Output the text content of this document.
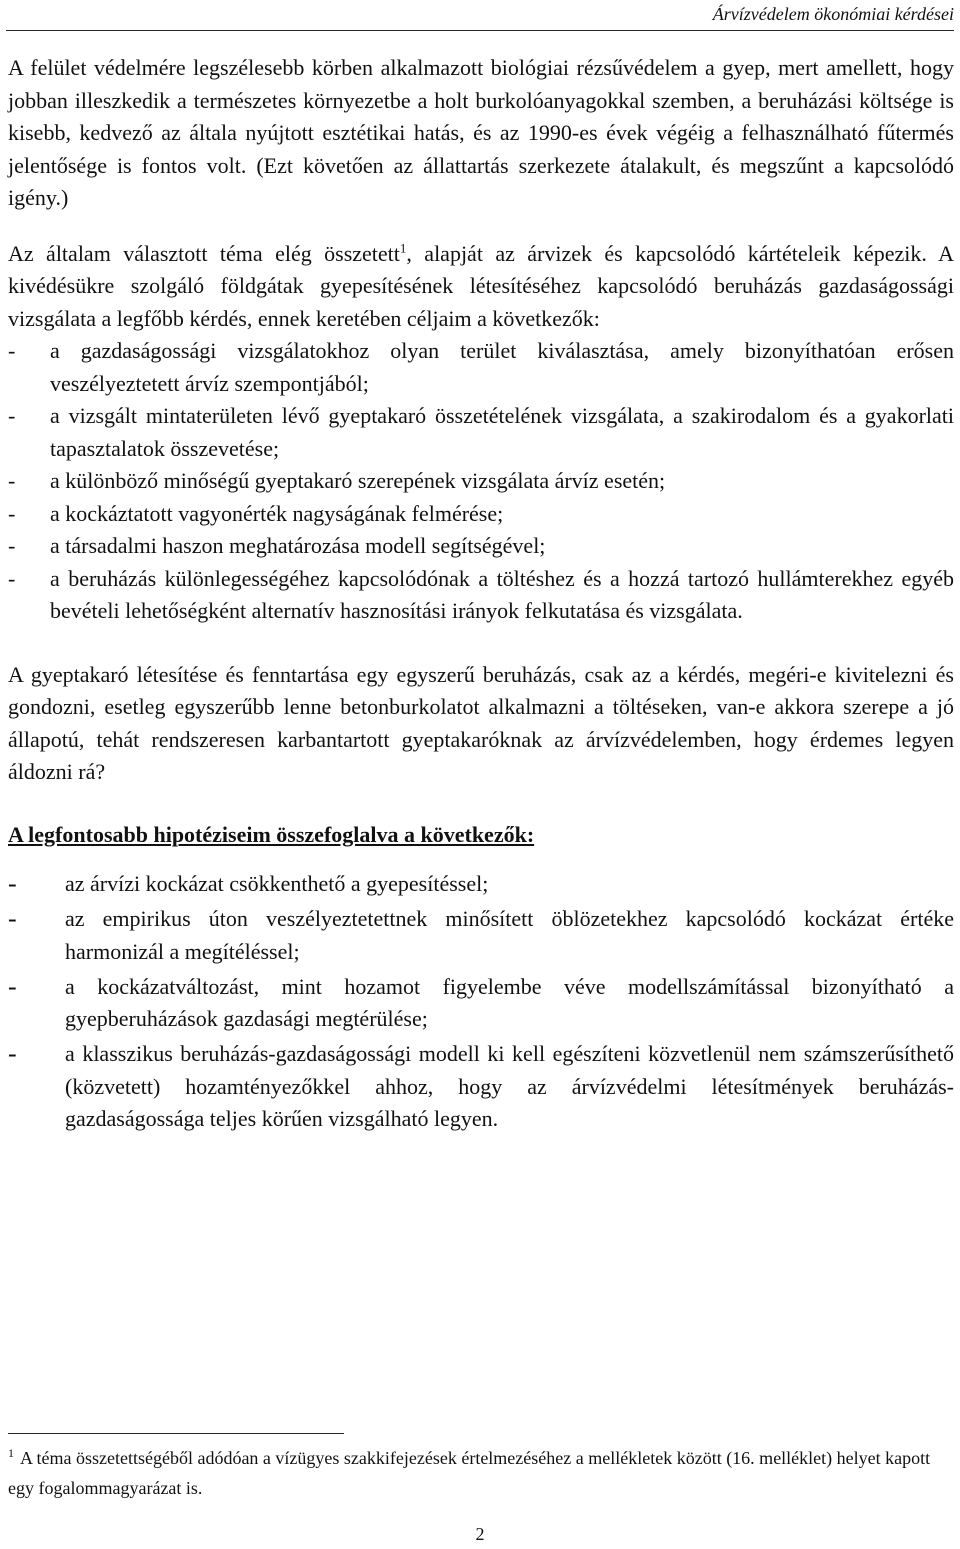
Árvízvédelem ökonómiai kérdései

A felület védelmére legszélesebb körben alkalmazott biológiai rézsűvédelem a gyep, mert amellett, hogy jobban illeszkedik a természetes környezetbe a holt burkolóanyagokkal szemben, a beruházási költsége is kisebb, kedvező az általa nyújtott esztétikai hatás, és az 1990-es évek végéig a felhasználható fűtermés jelentősége is fontos volt. (Ezt követően az állattartás szerkezete átalakult, és megszűnt a kapcsolódó igény.)

Az általam választott téma elég összetett$^1$, alapját az árvizek és kapcsolódó kártételeik képezik. A kivédésükre szolgáló földgátak gyepesítésének létesítéséhez kapcsolódó beruházás gazdaságossági vizsgálata a legfőbb kérdés, ennek keretében céljaim a következők:

- a gazdaságossági vizsgálatokhoz olyan terület kiválasztása, amely bizonyíthatóan erősen veszélyeztetett árvíz szempontjából;
- a vizsgált mintaterületen lévő gyeptakaró összetételének vizsgálata, a szakirodalom és a gyakorlati tapasztalatok összevetése;
- a különböző minőségű gyeptakaró szerepének vizsgálata árvíz esetén;
- a kockáztatott vagyonérték nagyságának felmérése;
- a társadalmi haszon meghatározása modell segítségével;
- a beruházás különlegességéhez kapcsolódónak a töltéshez és a hozzá tartozó hullámterekhez egyéb bevételi lehetőségként alternatív hasznosítási irányok felkutatása és vizsgálata.

A gyeptakaró létesítése és fenntartása egy egyszerű beruházás, csak az a kérdés, megéri-e kivitelezni és gondozni, esetleg egyszerűbb lenne betonburkolatot alkalmazni a töltéseken, van-e akkora szerepe a jó állapotú, tehát rendszeresen karbantartott gyeptakaróknak az árvízvédelemben, hogy érdemes legyen áldozni rá?

A legfontosabb hipotéziseim összefoglalva a következők:
- az árvízi kockázat csökkenthető a gyepesítéssel;
- az empirikus úton veszélyeztetettnek minősített öblözetekhez kapcsolódó kockázat értéke harmonizál a megítéléssel;
- a kockázatváltozást, mint hozamot figyelembe véve modellszámítással bizonyítható a gyepberuházások gazdasági megtérülése;
- a klasszikus beruházás-gazdaságossági modell ki kell egészíteni közvetlenül nem számszerűsíthető (közvetett) hozamtényezőkkel ahhoz, hogy az árvízvédelmi létesítmények beruházás-gazdaságossága teljes körűen vizsgálható legyen.
$^1$ A téma összetettségéből adódóan a vízügyes szakkifejezések értelmezéséhez a mellékletek között (16. melléklet) helyet kapott egy fogalommagyarázat is.
2
